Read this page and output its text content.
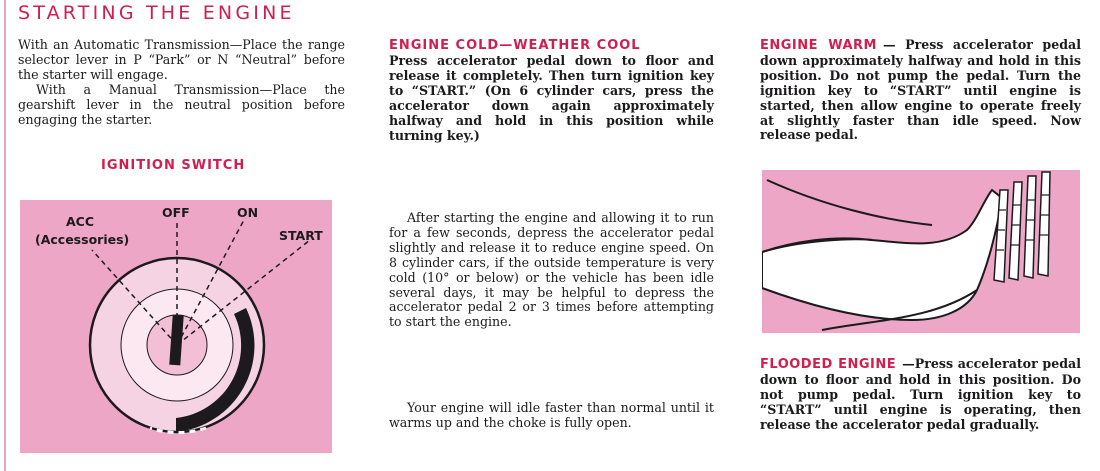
STARTING THE ENGINE

With an Automatic Transmission—Place the range selector lever in P “Park” or N “Neutral” before the starter will engage.

With a Manual Transmission—Place the gearshift lever in the neutral position before engaging the starter.

IGNITION SWITCH
ACC
(Accessories)
OFF	ON
START
ENGINE COLD—WEATHER COOL

Press accelerator pedal down to floor and release it completely. Then turn ignition key to “START.” (On 6 cylinder cars, press the accelerator down again approximately halfway and hold in this position while turning key.)

After starting the engine and allowing it to run for a few seconds, depress the accelerator pedal slightly and release it to reduce engine speed. On 8 cylinder cars, if the outside temperature is very cold (10° or below) or the vehicle has been idle several days, it may be helpful to depress the accelerator pedal 2 or 3 times before attempting to start the engine.

Your engine will idle faster than normal until it warms up and the choke is fully open.

ENGINE WARM — Press accelerator pedal down approximately halfway and hold in this position. Do not pump the pedal. Turn the ignition key to “START” until engine is started, then allow engine to operate freely at slightly faster than idle speed. Now release pedal.

FLOODED ENGINE —Press accelerator pedal down to floor and hold in this position. Do not pump pedal. Turn ignition key to “START” until engine is operating, then release the accelerator pedal gradually.
